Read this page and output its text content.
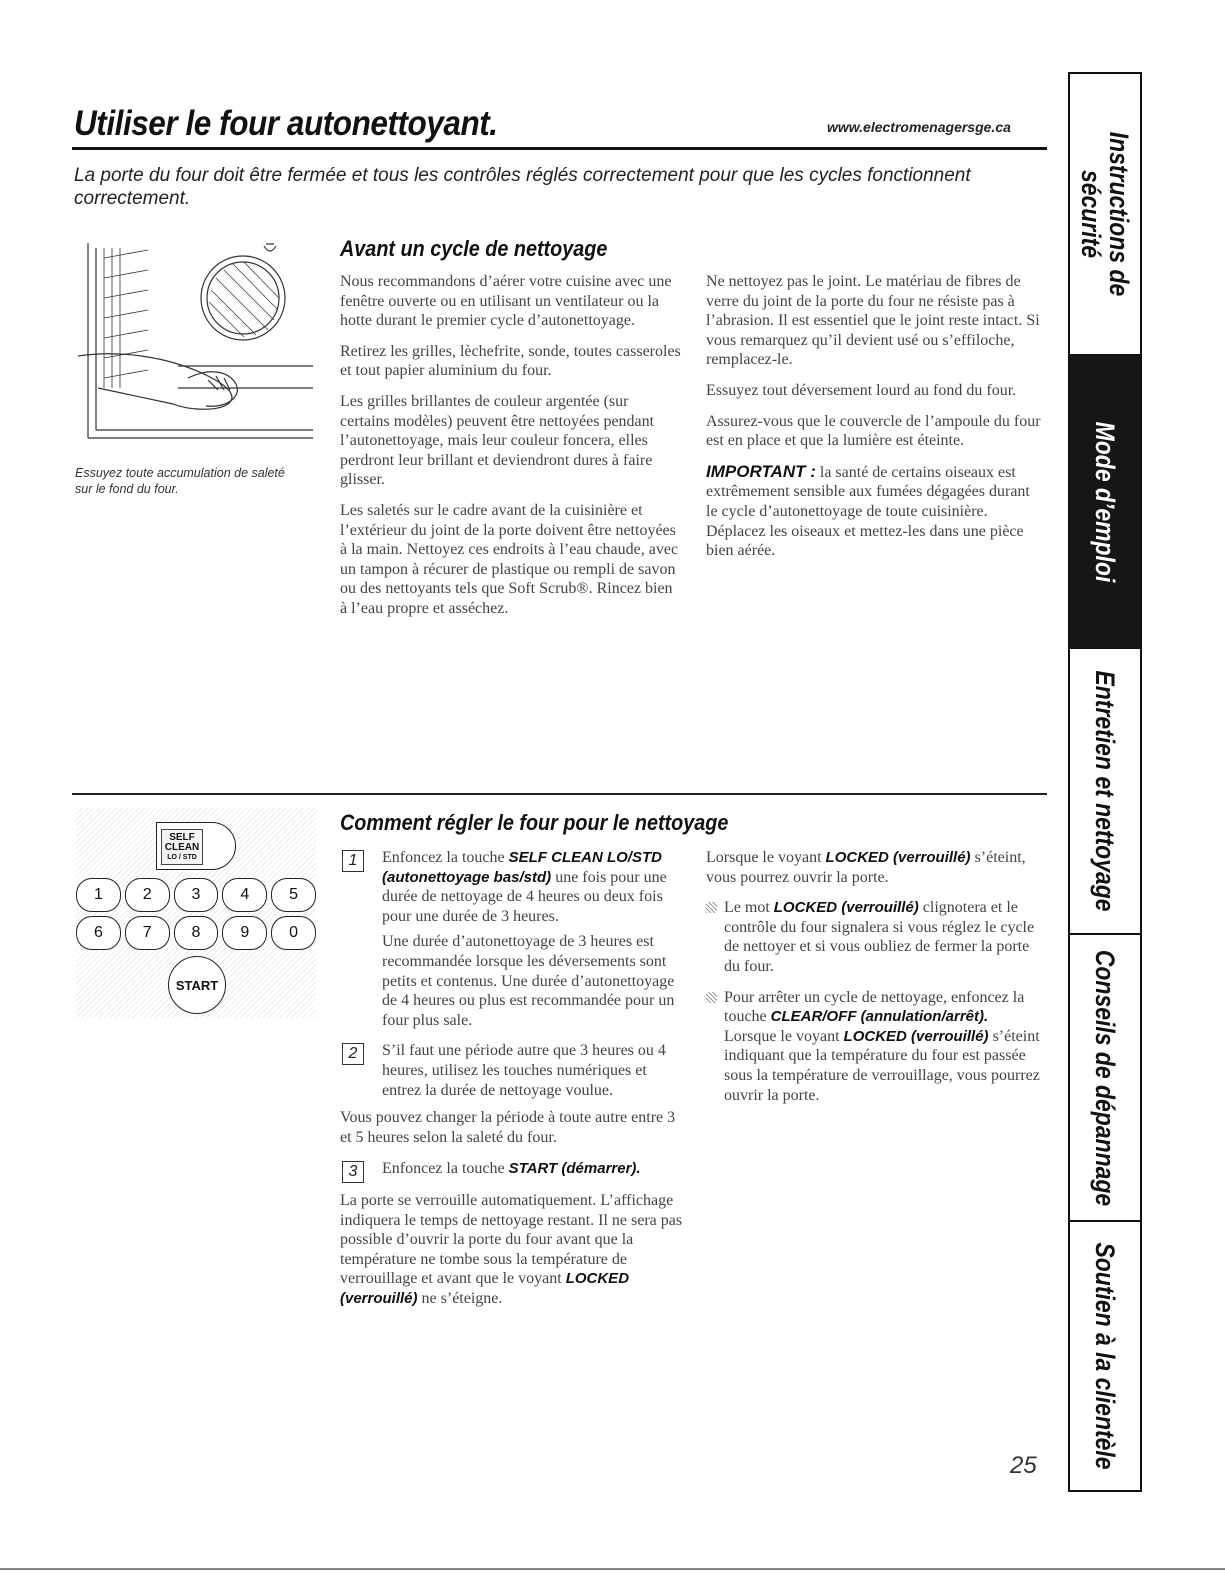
Utiliser le four autonettoyant.	www.electromenagersge.ca
La porte du four doit être fermée et tous les contrôles réglés correctement pour que les cycles fonctionnent correctement.
Essuyez toute accumulation de saleté sur le fond du four.
Avant un cycle de nettoyage

Nous recommandons d’aérer votre cuisine avec une fenêtre ouverte ou en utilisant un ventilateur ou la hotte durant le premier cycle d’autonettoyage.

Retirez les grilles, lèchefrite, sonde, toutes casseroles et tout papier aluminium du four.

Les grilles brillantes de couleur argentée (sur certains modèles) peuvent être nettoyées pendant l’autonettoyage, mais leur couleur foncera, elles perdront leur brillant et deviendront dures à faire glisser.

Les saletés sur le cadre avant de la cuisinière et l’extérieur du joint de la porte doivent être nettoyées à la main. Nettoyez ces endroits à l’eau chaude, avec un tampon à récurer de plastique ou rempli de savon ou des nettoyants tels que Soft Scrub®. Rincez bien à l’eau propre et asséchez.

Ne nettoyez pas le joint. Le matériau de fibres de verre du joint de la porte du four ne résiste pas à l’abrasion. Il est essentiel que le joint reste intact. Si vous remarquez qu’il devient usé ou s’effiloche, remplacez-le.

Essuyez tout déversement lourd au fond du four.

Assurez-vous que le couvercle de l’ampoule du four est en place et que la lumière est éteinte.

IMPORTANT : la santé de certains oiseaux est extrêmement sensible aux fumées dégagées durant le cycle d’autonettoyage de toute cuisinière. Déplacez les oiseaux et mettez-les dans une pièce bien aérée.

SELF
CLEAN
LO / STD
1	2	3	4	5
6	7	8	9	0
START
Comment régler le four pour le nettoyage
1	Enfoncez la touche SELF CLEAN LO/STD (autonettoyage bas/std) une fois pour une durée de nettoyage de 4 heures ou deux fois pour une durée de 3 heures.
Une durée d’autonettoyage de 3 heures est recommandée lorsque les déversements sont petits et contenus. Une durée d’autonettoyage de 4 heures ou plus est recommandée pour un four plus sale.
2	S’il faut une période autre que 3 heures ou 4 heures, utilisez les touches numériques et entrez la durée de nettoyage voulue.

Vous pouvez changer la période à toute autre entre 3 et 5 heures selon la saleté du four.

3	Enfoncez la touche START (démarrer).

La porte se verrouille automatiquement. L’affichage indiquera le temps de nettoyage restant. Il ne sera pas possible d’ouvrir la porte du four avant que la température ne tombe sous la température de verrouillage et avant que le voyant LOCKED (verrouillé) ne s’éteigne.

Lorsque le voyant LOCKED (verrouillé) s’éteint, vous pourrez ouvrir la porte.

Le mot LOCKED (verrouillé) clignotera et le contrôle du four signalera si vous réglez le cycle de nettoyer et si vous oubliez de fermer la porte du four.
Pour arrêter un cycle de nettoyage, enfoncez la touche CLEAR/OFF (annulation/arrêt). Lorsque le voyant LOCKED (verrouillé) s’éteint indiquant que la température du four est passée sous la température de verrouillage, vous pourrez ouvrir la porte.
25
Instructions de sécurité
Mode d’emploi
Entretien et nettoyage
Conseils de dépannage
Soutien à la clientèle
